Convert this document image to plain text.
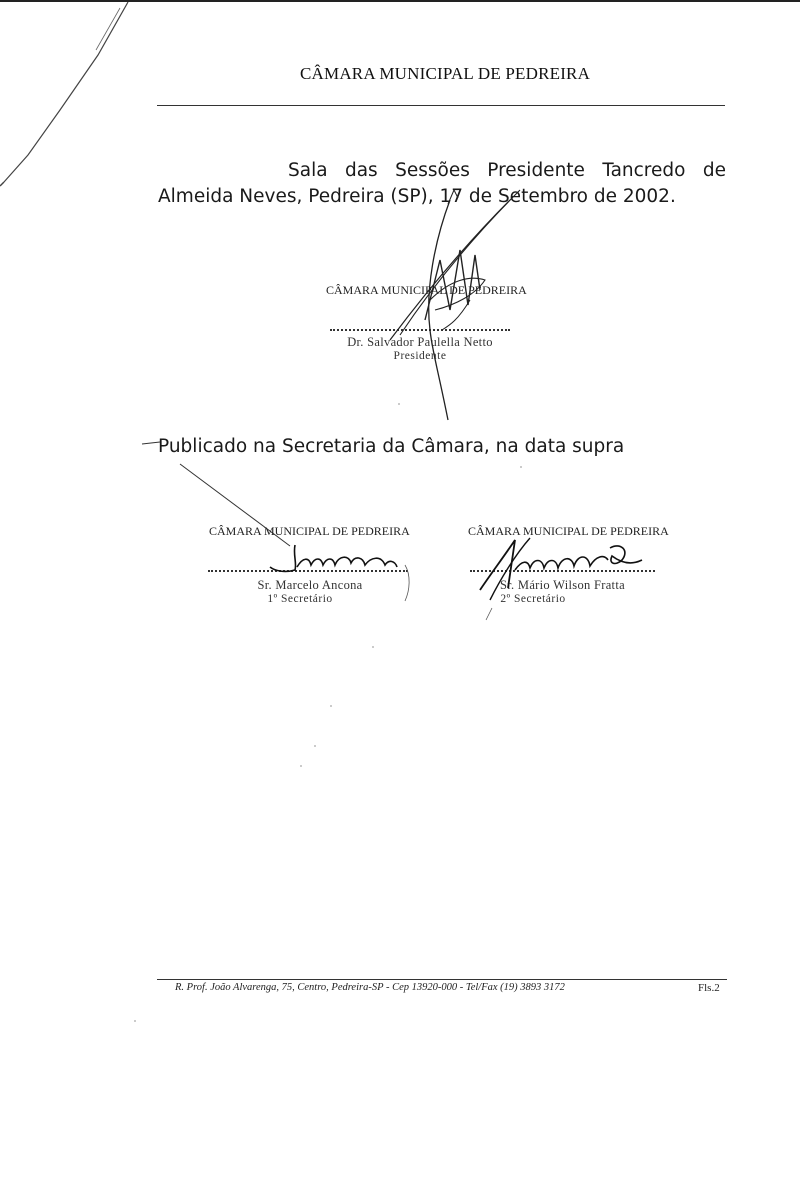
CÂMARA MUNICIPAL DE PEDREIRA
Sala das Sessões Presidente Tancredo de Almeida Neves, Pedreira (SP), 17 de Setembro de 2002.
CÂMARA MUNICIPAL DE PEDREIRA
Dr. Salvador Paulella Netto
Presidente
Publicado na Secretaria da Câmara, na data supra
CÂMARA MUNICIPAL DE PEDREIRA
Sr. Marcelo Ancona
1º Secretário
CÂMARA MUNICIPAL DE PEDREIRA
Sr. Mário Wilson Fratta
2º Secretário
R. Prof. João Alvarenga, 75, Centro, Pedreira-SP - Cep 13920-000 - Tel/Fax (19) 3893 3172	Fls.2
